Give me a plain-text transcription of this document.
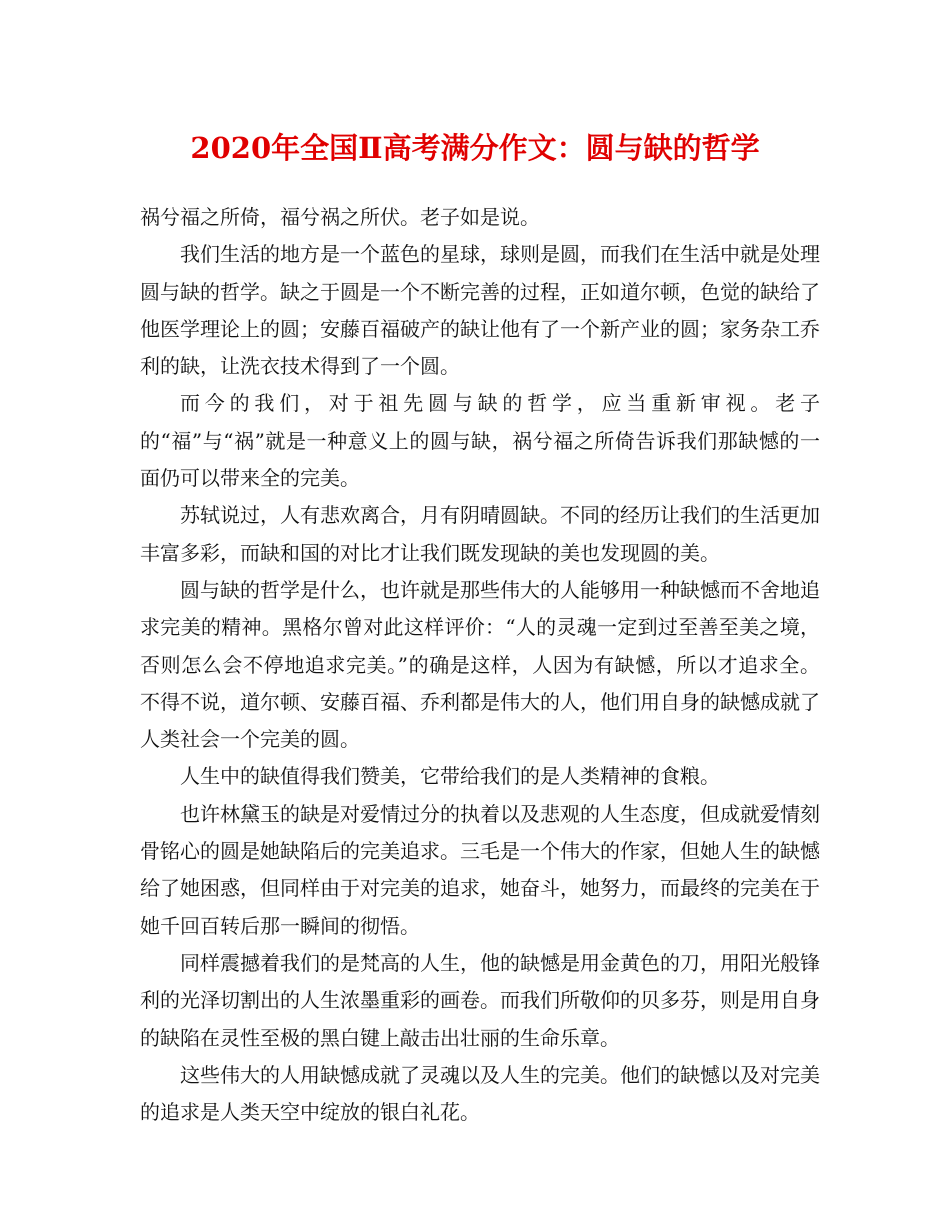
2020年全国Ⅱ高考满分作文：圆与缺的哲学

祸兮福之所倚，福兮祸之所伏。老子如是说。

我们生活的地方是一个蓝色的星球，球则是圆，而我们在生活中就是处理圆与缺的哲学。缺之于圆是一个不断完善的过程，正如道尔顿，色觉的缺给了他医学理论上的圆；安藤百福破产的缺让他有了一个新产业的圆；家务杂工乔利的缺，让洗衣技术得到了一个圆。

而今的我们，对于祖先圆与缺的哲学，应当重新审视。老子的“福”与“祸”就是一种意义上的圆与缺，祸兮福之所倚告诉我们那缺憾的一面仍可以带来全的完美。

苏轼说过，人有悲欢离合，月有阴晴圆缺。不同的经历让我们的生活更加丰富多彩，而缺和国的对比才让我们既发现缺的美也发现圆的美。

圆与缺的哲学是什么，也许就是那些伟大的人能够用一种缺憾而不舍地追求完美的精神。黑格尔曾对此这样评价：“人的灵魂一定到过至善至美之境，否则怎么会不停地追求完美。”的确是这样，人因为有缺憾，所以才追求全。不得不说，道尔顿、安藤百福、乔利都是伟大的人，他们用自身的缺憾成就了人类社会一个完美的圆。

人生中的缺值得我们赞美，它带给我们的是人类精神的食粮。

也许林黛玉的缺是对爱情过分的执着以及悲观的人生态度，但成就爱情刻骨铭心的圆是她缺陷后的完美追求。三毛是一个伟大的作家，但她人生的缺憾给了她困惑，但同样由于对完美的追求，她奋斗，她努力，而最终的完美在于她千回百转后那一瞬间的彻悟。

同样震撼着我们的是梵高的人生，他的缺憾是用金黄色的刀，用阳光般锋利的光泽切割出的人生浓墨重彩的画卷。而我们所敬仰的贝多芬，则是用自身的缺陷在灵性至极的黑白键上敲击出壮丽的生命乐章。

这些伟大的人用缺憾成就了灵魂以及人生的完美。他们的缺憾以及对完美的追求是人类天空中绽放的银白礼花。
